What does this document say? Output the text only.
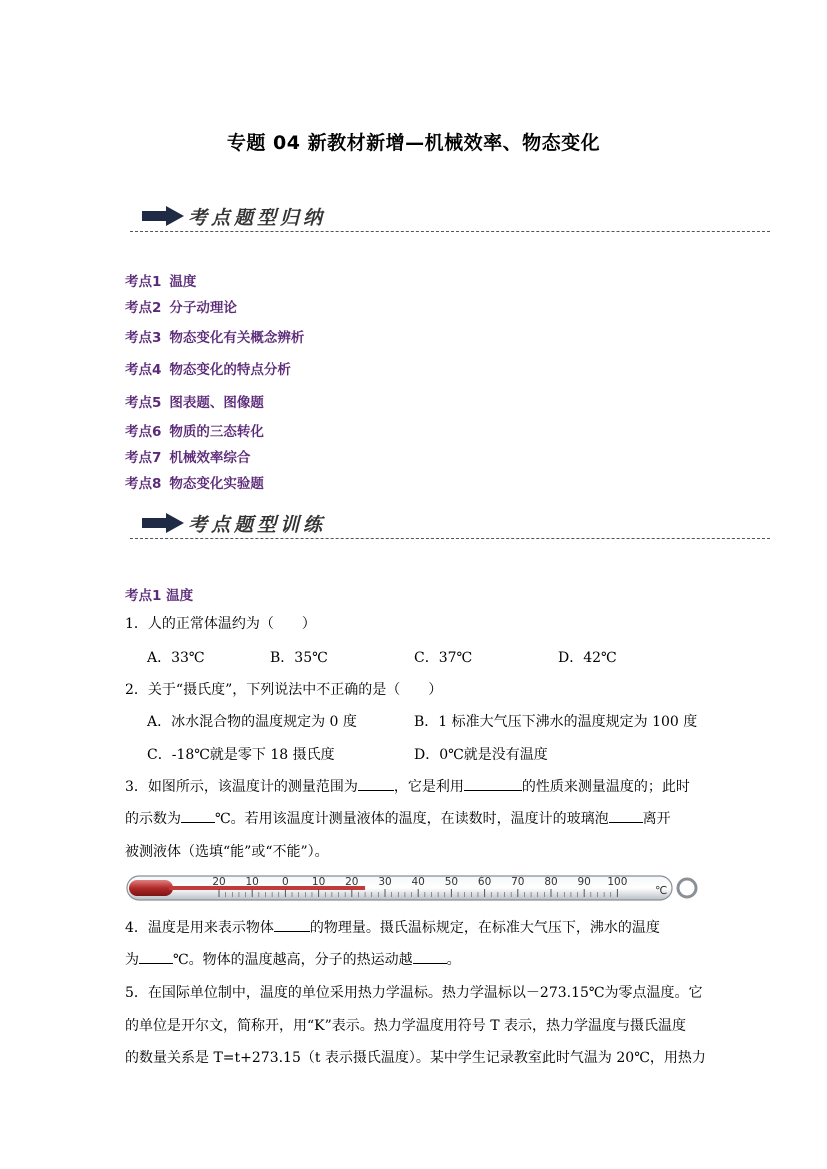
专题 04 新教材新增—机械效率、物态变化
考点题型归纳
考点1 温度
考点2 分子动理论
考点3 物态变化有关概念辨析
考点4 物态变化的特点分析
考点5 图表题、图像题
考点6 物质的三态转化
考点7 机械效率综合
考点8 物态变化实验题
考点题型训练
考点1 温度
1．人的正常体温约为（　　）
A．33℃	B．35℃	C．37℃	D．42℃
2．关于“摄氏度”，下列说法中不正确的是（　　）
A．冰水混合物的温度规定为 0 度	B．1 标准大气压下沸水的温度规定为 100 度
C．-18℃就是零下 18 摄氏度	D．0℃就是没有温度
3．如图所示，该温度计的测量范围为	，它是利用	的性质来测量温度的；此时
的示数为 ℃。若用该温度计测量液体的温度，在读数时，温度计的玻璃泡 离开
被测液体（选填“能”或“不能”）。
20 10 0 10 20 30 40 50 60 70 80 90 100
℃
4．温度是用来表示物体	的物理量。摄氏温标规定，在标准大气压下，沸水的温度
为 ℃。物体的温度越高，分子的热运动越 。
5．在国际单位制中，温度的单位采用热力学温标。热力学温标以－273.15℃为零点温度。它
的单位是开尔文，简称开，用“K”表示。热力学温度用符号 T 表示，热力学温度与摄氏温度
的数量关系是 T=t+273.15（t 表示摄氏温度）。某中学生记录教室此时气温为 20℃，用热力
